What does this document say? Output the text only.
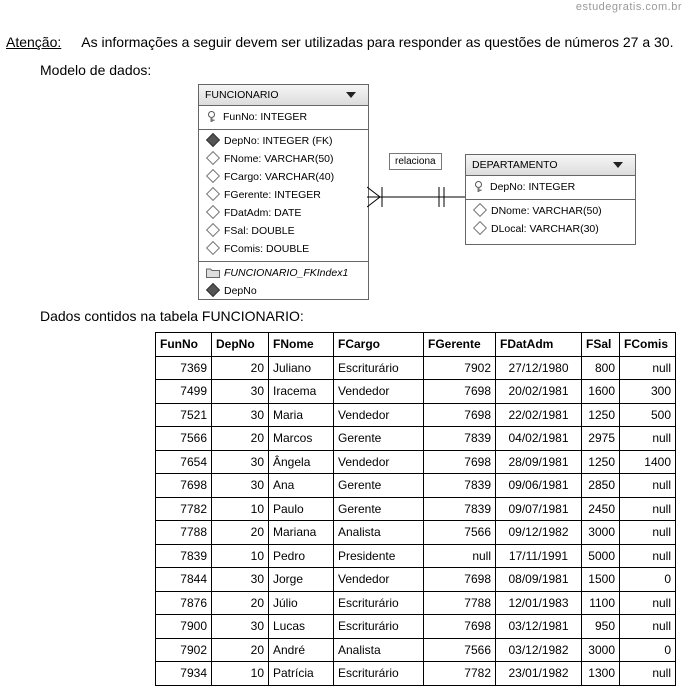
estudegratis.com.br
Atenção: As informações a seguir devem ser utilizadas para responder as questões de números 27 a 30.
Modelo de dados:
FUNCIONARIO
FunNo: INTEGER
DepNo: INTEGER (FK)
FNome: VARCHAR(50)
FCargo: VARCHAR(40)
FGerente: INTEGER
FDatAdm: DATE
FSal: DOUBLE
FComis: DOUBLE
FUNCIONARIO_FKIndex1
DepNo
relaciona	DEPARTAMENTO
DepNo: INTEGER
DNome: VARCHAR(50)
DLocal: VARCHAR(30)
Dados contidos na tabela FUNCIONARIO:
FunNo	DepNo	FNome	FCargo	FGerente	FDatAdm	FSal	FComis
7369	20	Juliano	Escriturário	7902	27/12/1980	800	null
7499	30	Iracema	Vendedor	7698	20/02/1981	1600	300
7521	30	Maria	Vendedor	7698	22/02/1981	1250	500
7566	20	Marcos	Gerente	7839	04/02/1981	2975	null
7654	30	Ângela	Vendedor	7698	28/09/1981	1250	1400
7698	30	Ana	Gerente	7839	09/06/1981	2850	null
7782	10	Paulo	Gerente	7839	09/07/1981	2450	null
7788	20	Mariana	Analista	7566	09/12/1982	3000	null
7839	10	Pedro	Presidente	null	17/11/1991	5000	null
7844	30	Jorge	Vendedor	7698	08/09/1981	1500	0
7876	20	Júlio	Escriturário	7788	12/01/1983	1100	null
7900	30	Lucas	Escriturário	7698	03/12/1981	950	null
7902	20	André	Analista	7566	03/12/1982	3000	0
7934	10	Patrícia	Escriturário	7782	23/01/1982	1300	null
